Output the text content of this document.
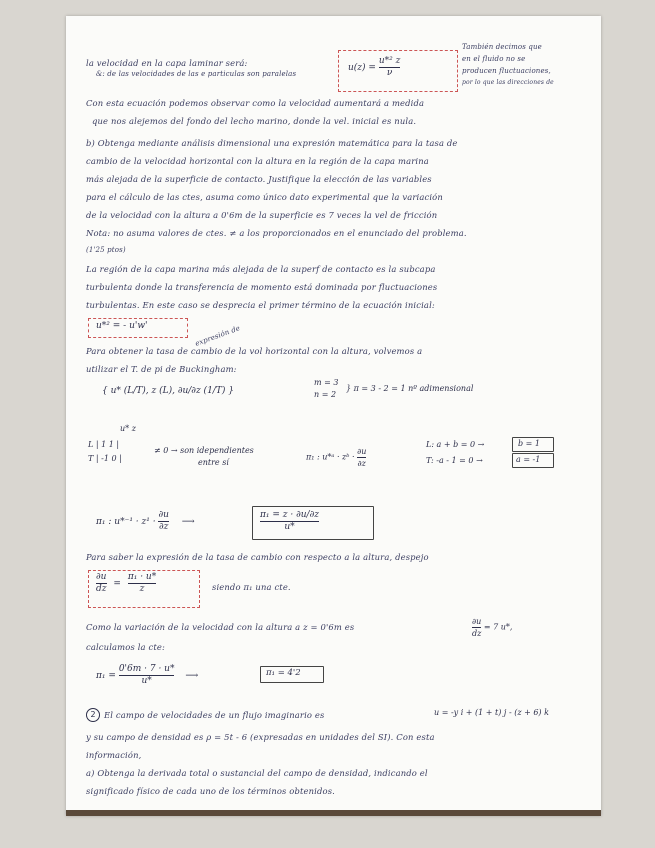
la velocidad en la capa laminar será:
&: de las velocidades de las e particulas son paralelas
$u(z) = \frac{\text{u*² z}}{\nu}$
También decimos que
en el fluido no se
producen fluctuaciones,
por lo que las direcciones de
Con esta ecuación podemos observar como la velocidad aumentará a medida
que nos alejemos del fondo del lecho marino, donde la vel. inicial es nula.
b) Obtenga mediante análisis dimensional una expresión matemática para la tasa de
cambio de la velocidad horizontal con la altura en la región de la capa marina
más alejada de la superficie de contacto. Justifique la elección de las variables
para el cálculo de las ctes, asuma como único dato experimental que la variación
de la velocidad con la altura a 0'6m de la superficie es 7 veces la vel de fricción
Nota: no asuma valores de ctes. ≠ a los proporcionados en el enunciado del problema.
(1'25 ptos)
La región de la capa marina más alejada de la superf de contacto es la subcapa
turbulenta donde la transferencia de momento está dominada por fluctuaciones
turbulentas. En este caso se desprecia el primer término de la ecuación inicial:
u*² = - u'w'	expresión de
Para obtener la tasa de cambio de la vol horizontal con la altura, volvemos a
utilizar el T. de pi de Buckingham:
{ u* (L/T), z (L), ∂u/∂z (1/T) }
m = 3
n = 2
} π = 3 - 2 = 1 nº adimensional
u* z
L | 1 1 |
T | -1 0 |
≠ 0 → son idependientes
entre sí
π₁ : u*ᵃ · zᵇ · $\frac{\partial u}{\partial z}$
L: a + b = 0 →	b = 1
T: -a - 1 = 0 →	a = -1
π₁ : $u*^{-1} \cdot z^1 \cdot \frac{\partial u}{\partial z}$ ⟶	$\frac{\text{π₁ = z · ∂u/∂z}}{u*}$
Para saber la expresión de la tasa de cambio con respecto a la altura, despejo
$\frac{\partial u}{dz} = \frac{\text{π₁ · u*}}{z}$	siendo π₁ una cte.
Como la variación de la velocidad con la altura a z = 0'6m es	$\frac{\partial u}{dz} = 7$ u*,
calculamos la cte:
$\pi_1 = \frac{0'6m \cdot 7 \cdot u*}{u*}$ ⟶	π₁ = 4'2
2	El campo de velocidades de un flujo imaginario es	u = -y i + (1 + t) j - (z + 6) k
y su campo de densidad es ρ = 5t - 6 (expresadas en unidades del SI). Con esta
información,
a) Obtenga la derivada total o sustancial del campo de densidad, indicando el
significado físico de cada uno de los términos obtenidos.
